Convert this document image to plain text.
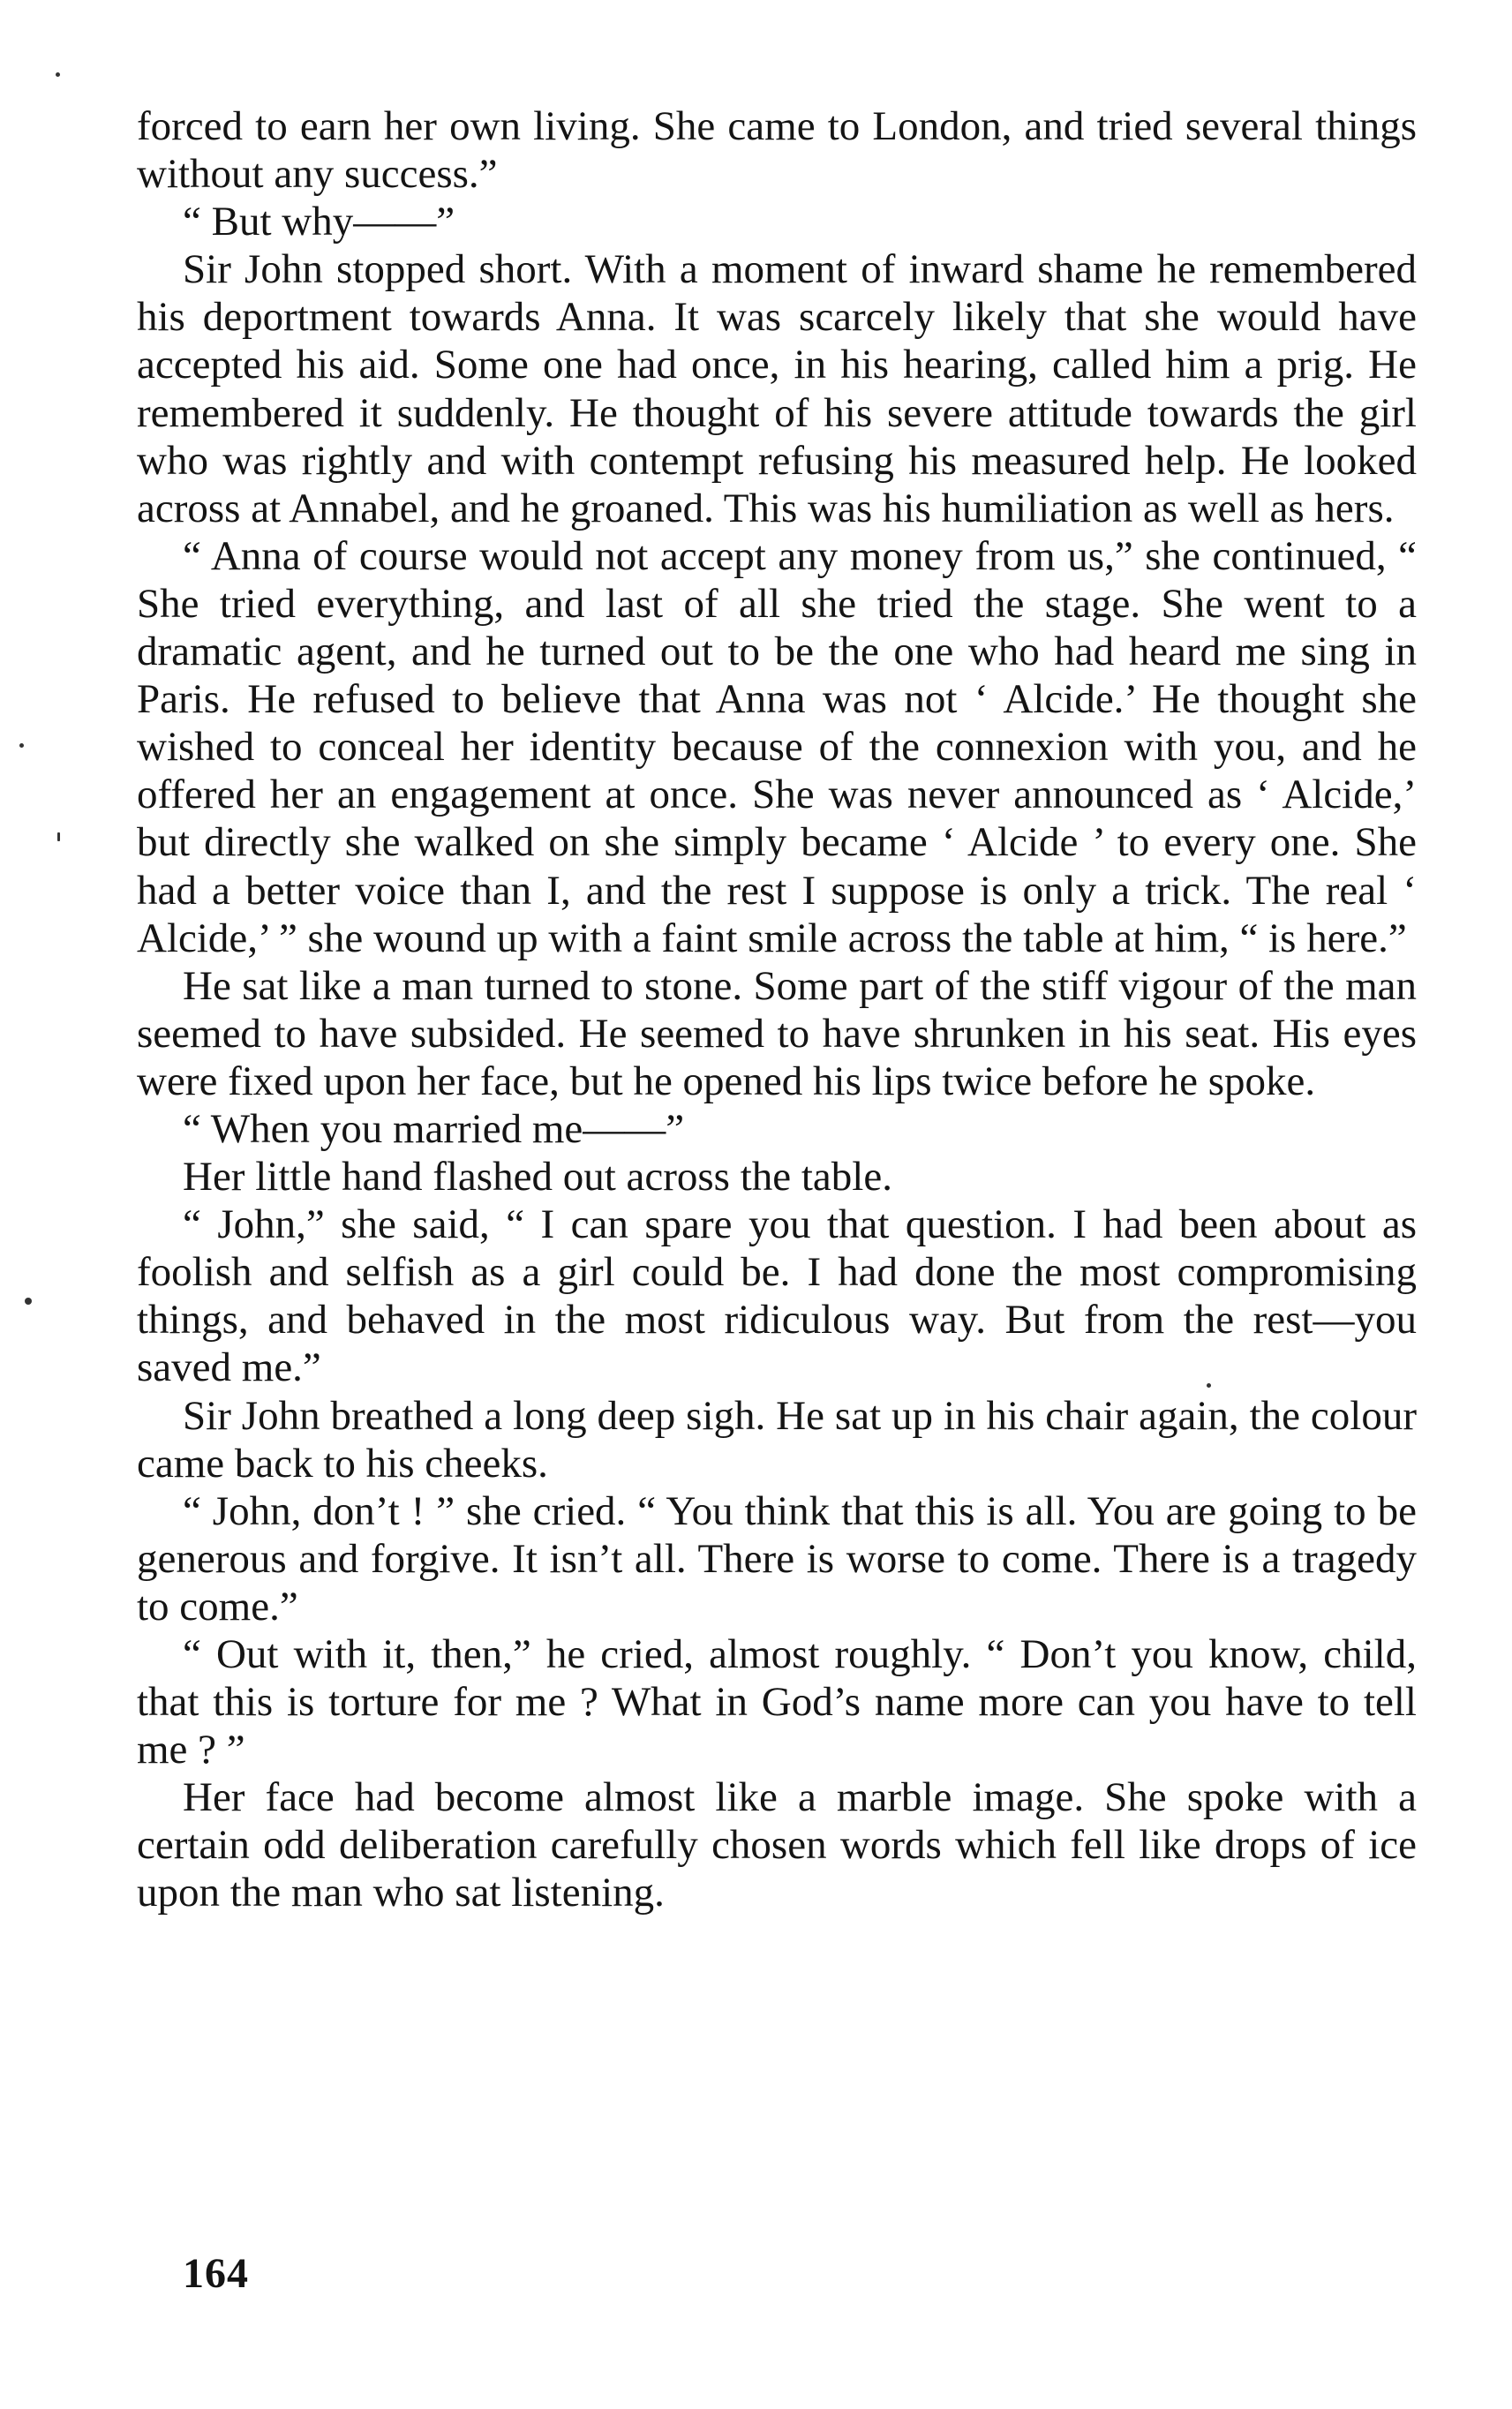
forced to earn her own living. She came to London, and tried several things without any success.”

“ But why——”

Sir John stopped short. With a moment of inward shame he remembered his deportment towards Anna. It was scarcely likely that she would have accepted his aid. Some one had once, in his hearing, called him a prig. He remembered it suddenly. He thought of his severe attitude towards the girl who was rightly and with contempt refusing his measured help. He looked across at Annabel, and he groaned. This was his humiliation as well as hers.

“ Anna of course would not accept any money from us,” she continued, “ She tried everything, and last of all she tried the stage. She went to a dramatic agent, and he turned out to be the one who had heard me sing in Paris. He refused to believe that Anna was not ‘ Alcide.’ He thought she wished to conceal her identity because of the connexion with you, and he offered her an engagement at once. She was never announced as ‘ Alcide,’ but directly she walked on she simply became ‘ Alcide ’ to every one. She had a better voice than I, and the rest I suppose is only a trick. The real ‘ Alcide,’ ” she wound up with a faint smile across the table at him, “ is here.”

He sat like a man turned to stone. Some part of the stiff vigour of the man seemed to have subsided. He seemed to have shrunken in his seat. His eyes were fixed upon her face, but he opened his lips twice before he spoke.

“ When you married me——”

Her little hand flashed out across the table.

“ John,” she said, “ I can spare you that question. I had been about as foolish and selfish as a girl could be. I had done the most compromising things, and behaved in the most ridiculous way. But from the rest—you saved me.”

Sir John breathed a long deep sigh. He sat up in his chair again, the colour came back to his cheeks.

“ John, don’t ! ” she cried. “ You think that this is all. You are going to be generous and forgive. It isn’t all. There is worse to come. There is a tragedy to come.”

“ Out with it, then,” he cried, almost roughly. “ Don’t you know, child, that this is torture for me ? What in God’s name more can you have to tell me ? ”

Her face had become almost like a marble image. She spoke with a certain odd deliberation carefully chosen words which fell like drops of ice upon the man who sat listening.

164
